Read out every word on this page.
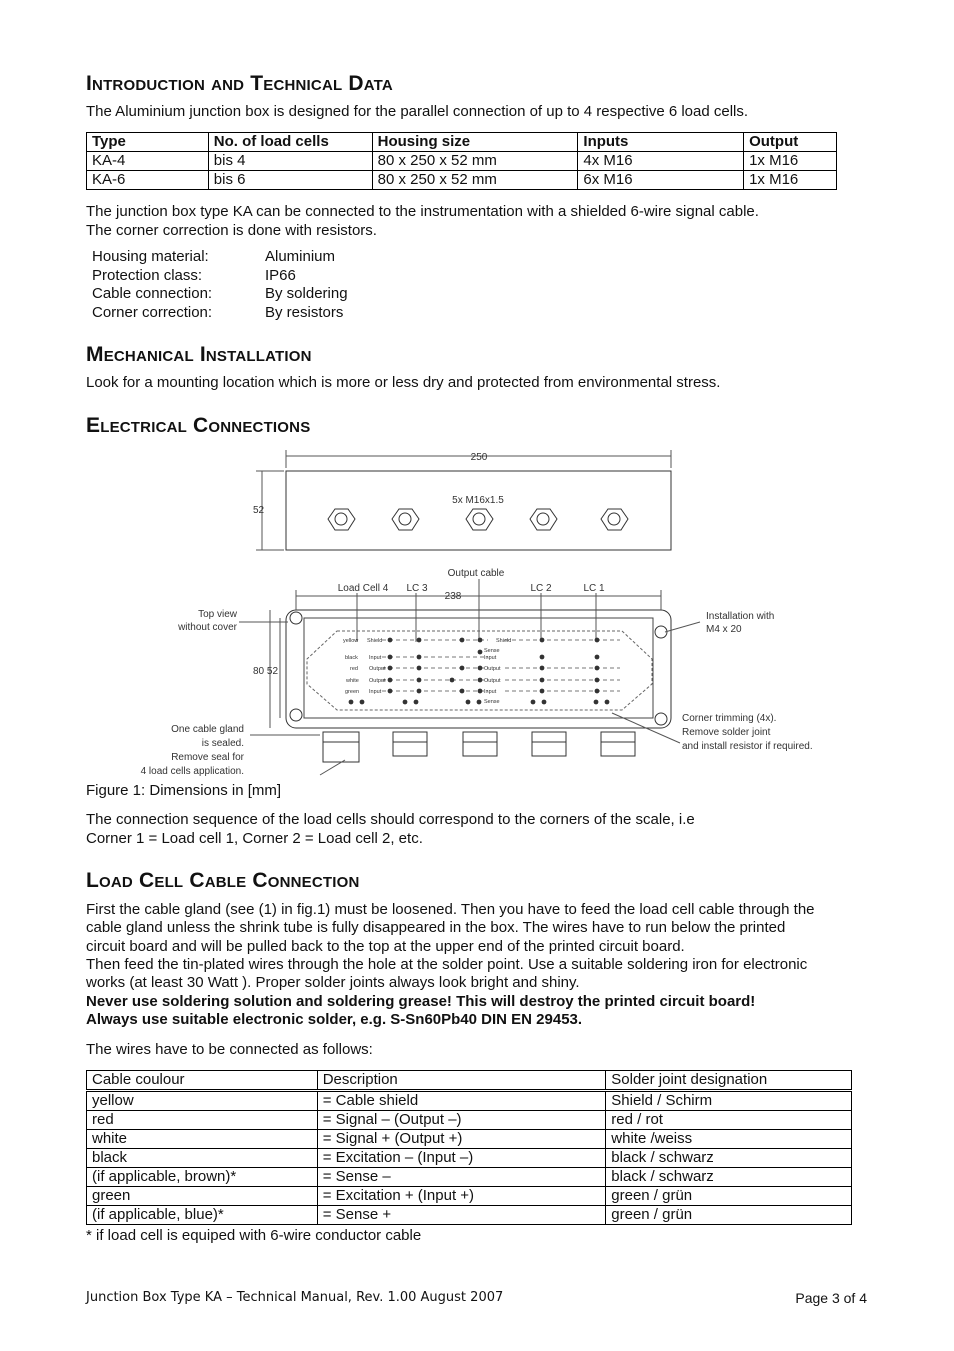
Introduction and Technical Data

The Aluminium junction box is designed for the parallel connection of up to 4 respective 6 load cells.

Type	No. of load cells	Housing size	Inputs	Output
KA-4	bis 4	80 x 250 x 52 mm	4x M16	1x M16
KA-6	bis 6	80 x 250 x 52 mm	6x M16	1x M16

The junction box type KA can be connected to the instrumentation with a shielded 6-wire signal cable.

The corner correction is done with resistors.

Housing material:	Aluminium
Protection class:	IP66
Cable connection:	By soldering
Corner correction:	By resistors
Mechanical Installation

Look for a mounting location which is more or less dry and protected from environmental stress.

Electrical Connections
250
52
5x M16x1.5
Output cable
Load Cell 4 LC 3	LC 2	LC 1
238
Top view
without cover
80 52
Installation with
M4 x 20
One cable gland
is sealed.
Remove seal for
4 load cells application.
Corner trimming (4x).
Remove solder joint
and install resistor if required.
yellow
black
red
white
green
Shield
Input
Output
Output
Input
Shield
Sense
Input
Output
Output
Input
Sense

Figure 1: Dimensions in [mm]

The connection sequence of the load cells should correspond to the corners of the scale, i.e

Corner 1 = Load cell 1, Corner 2 = Load cell 2, etc.

Load Cell Cable Connection

First the cable gland (see (1) in fig.1) must be loosened. Then you have to feed the load cell cable through the

cable gland unless the shrink tube is fully disappeared in the box. The wires have to run below the printed

circuit board and will be pulled back to the top at the upper end of the printed circuit board.

Then feed the tin-plated wires through the hole at the solder point. Use a suitable soldering iron for electronic

works (at least 30 Watt ). Proper solder joints always look bright and shiny.

Never use soldering solution and soldering grease! This will destroy the printed circuit board!

Always use suitable electronic solder, e.g. S-Sn60Pb40 DIN EN 29453.

The wires have to be connected as follows:

Cable coulour	Description	Solder joint designation

yellow	= Cable shield	Shield / Schirm
red	= Signal – (Output –)	red / rot
white	= Signal + (Output +)	white /weiss
black	= Excitation – (Input –)	black / schwarz
(if applicable, brown)*	= Sense –	black / schwarz
green	= Excitation + (Input +)	green / grün
(if applicable, blue)*	= Sense +	green / grün

* if load cell is equiped with 6-wire conductor cable

Junction Box Type KA – Technical Manual, Rev. 1.00 August 2007	Page 3 of 4
